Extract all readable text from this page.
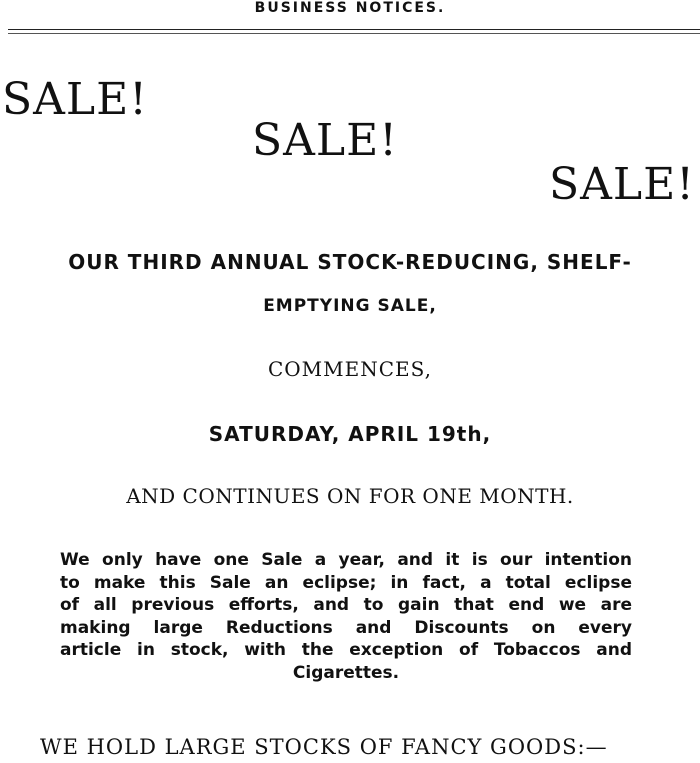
BUSINESS NOTICES.
SALE!
SALE!
SALE!
OUR THIRD ANNUAL STOCK-REDUCING, SHELF-
EMPTYING SALE,
COMMENCES,
SATURDAY, APRIL 19th,
AND CONTINUES ON FOR ONE MONTH.
We only have one Sale a year, and it is our intention
to make this Sale an eclipse; in fact, a total eclipse
of all previous efforts, and to gain that end we are
making large Reductions and Discounts on every
article in stock, with the exception of Tobaccos and
Cigarettes.
WE HOLD LARGE STOCKS OF FANCY GOODS:—
